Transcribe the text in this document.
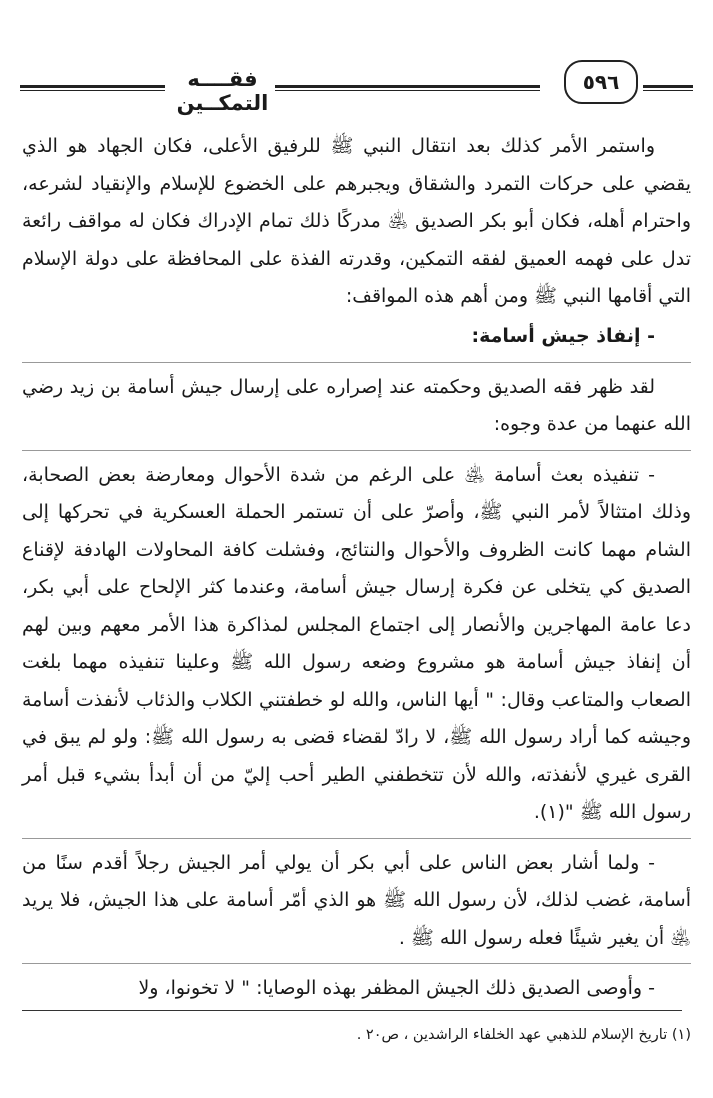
فقــــه التمكــين
٥٩٦

واستمر الأمر كذلك بعد انتقال النبي ﷺ للرفيق الأعلى، فكان الجهاد هو الذي يقضي على حركات التمرد والشقاق ويجبرهم على الخضوع للإسلام والإنقياد لشرعه، واحترام أهله، فكان أبو بكر الصديق ﵁ مدركًا ذلك تمام الإدراك فكان له مواقف رائعة تدل على فهمه العميق لفقه التمكين، وقدرته الفذة على المحافظة على دولة الإسلام التي أقامها النبي ﷺ ومن أهم هذه المواقف:

- إنفاذ جيش أسامة:

لقد ظهر فقه الصديق وحكمته عند إصراره على إرسال جيش أسامة بن زيد رضي الله عنهما من عدة وجوه:

- تنفيذه بعث أسامة ﵁ على الرغم من شدة الأحوال ومعارضة بعض الصحابة، وذلك امتثالاً لأمر النبي ﷺ، وأصرّ على أن تستمر الحملة العسكرية في تحركها إلى الشام مهما كانت الظروف والأحوال والنتائج، وفشلت كافة المحاولات الهادفة لإقناع الصديق كي يتخلى عن فكرة إرسال جيش أسامة، وعندما كثر الإلحاح على أبي بكر، دعا عامة المهاجرين والأنصار إلى اجتماع المجلس لمذاكرة هذا الأمر معهم وبين لهم أن إنفاذ جيش أسامة هو مشروع وضعه رسول الله ﷺ وعلينا تنفيذه مهما بلغت الصعاب والمتاعب وقال: " أيها الناس، والله لو خطفتني الكلاب والذئاب لأنفذت أسامة وجيشه كما أراد رسول الله ﷺ، لا رادّ لقضاء قضى به رسول الله ﷺ: ولو لم يبق في القرى غيري لأنفذته، والله لأن تتخطفني الطير أحب إليّ من أن أبدأ بشيء قبل أمر رسول الله ﷺ "(١).

- ولما أشار بعض الناس على أبي بكر أن يولي أمر الجيش رجلاً أقدم سنًا من أسامة، غضب لذلك، لأن رسول الله ﷺ هو الذي أمّر أسامة على هذا الجيش، فلا يريد ﵁ أن يغير شيئًا فعله رسول الله ﷺ .

- وأوصى الصديق ذلك الجيش المظفر بهذه الوصايا: " لا تخونوا، ولا

(١) تاريخ الإسلام للذهبي عهد الخلفاء الراشدين ، ص٢٠ .
